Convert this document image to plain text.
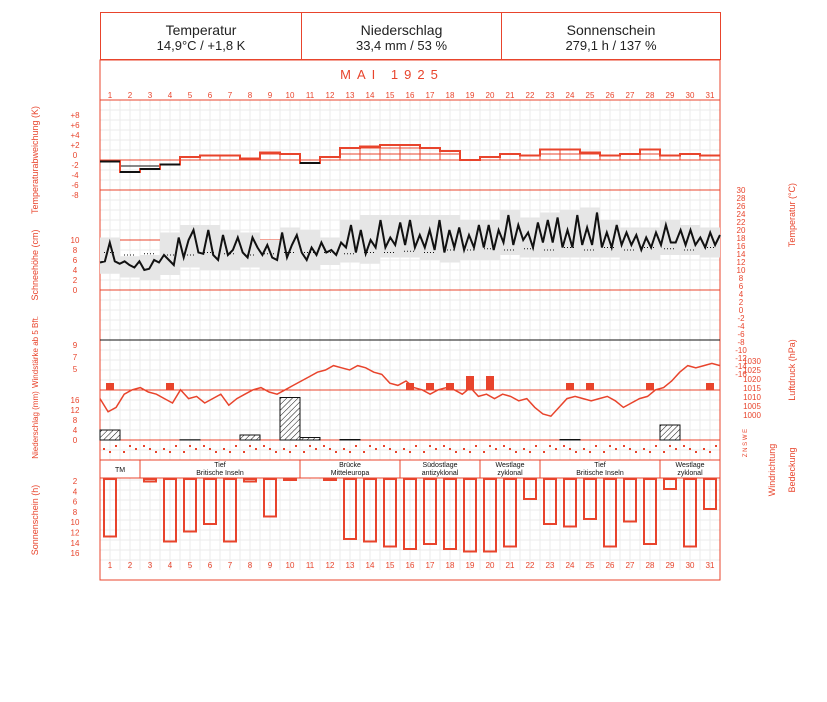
Temperatur
14,9°C / +1,8 K
Niederschlag
33,4 mm / 53 %
Sonnenschein
279,1 h / 137 %
MAI 1925
1
1
2
2
3
3
4
4
5
5
6
6
7
7
8
8
9
9
10
10
11
11
12
12
13
13
14
14
15
15
16
16
17
17
18
18
19
19
20
20
21
21
22
22
23
23
24
24
25
25
26
26
27
27
28
28
29
29
30
30
31
31
+8
+6
+4
+2
0
-2
-4
-6
-8
Temperaturabweichung (K)	30
28
26
24
22
20
18
16
14
12
10
8
6
4
2
0
-2
-4
-6
-8
-10
-12
-14
-16
10
8
6
4
2
0
Schneehöhe (cm)
Temperatur (°C)
9
7
5
Windstärke ab 5 Bft.	1030
1025
1020
1015
1010
1005
1000
Luftdruck (hPa)
16
12
8
4
0
Niederschlag (mm)	Z N S W E
Windrichtung Bedeckung
TM
Tief
Britische Inseln
Brücke
Mitteleuropa
Südostlage
antizyklonal
Westlage
zyklonal
Tief
Britische Inseln
Westlage
zyklonal
2
4
6
8
10
12
14
16
Sonnenschein (h)
